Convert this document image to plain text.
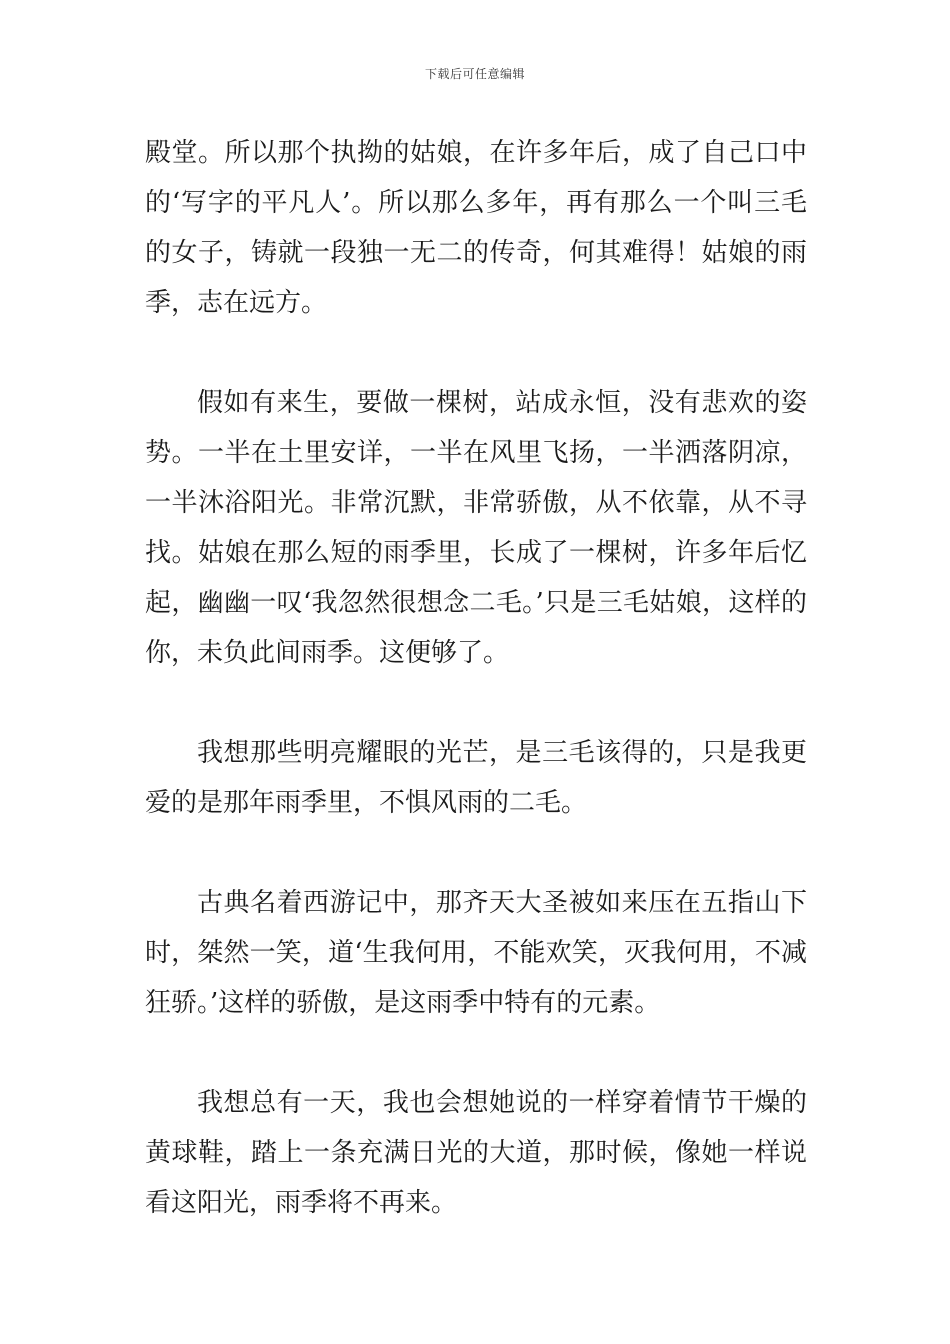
下载后可任意编辑

殿堂。所以那个执拗的姑娘，在许多年后，成了自己口中的‘写字的平凡人’。所以那么多年，再有那么一个叫三毛的女子，铸就一段独一无二的传奇，何其难得！姑娘的雨季，志在远方。

假如有来生，要做一棵树，站成永恒，没有悲欢的姿势。一半在土里安详，一半在风里飞扬，一半洒落阴凉，一半沐浴阳光。非常沉默，非常骄傲，从不依靠，从不寻找。姑娘在那么短的雨季里，长成了一棵树，许多年后忆起，幽幽一叹‘我忽然很想念二毛。’只是三毛姑娘，这样的你，未负此间雨季。这便够了。

我想那些明亮耀眼的光芒，是三毛该得的，只是我更爱的是那年雨季里，不惧风雨的二毛。

古典名着西游记中，那齐天大圣被如来压在五指山下时，桀然一笑，道‘生我何用，不能欢笑，灭我何用，不减狂骄。’这样的骄傲，是这雨季中特有的元素。

我想总有一天，我也会想她说的一样穿着情节干燥的黄球鞋，踏上一条充满日光的大道，那时候，像她一样说看这阳光，雨季将不再来。
